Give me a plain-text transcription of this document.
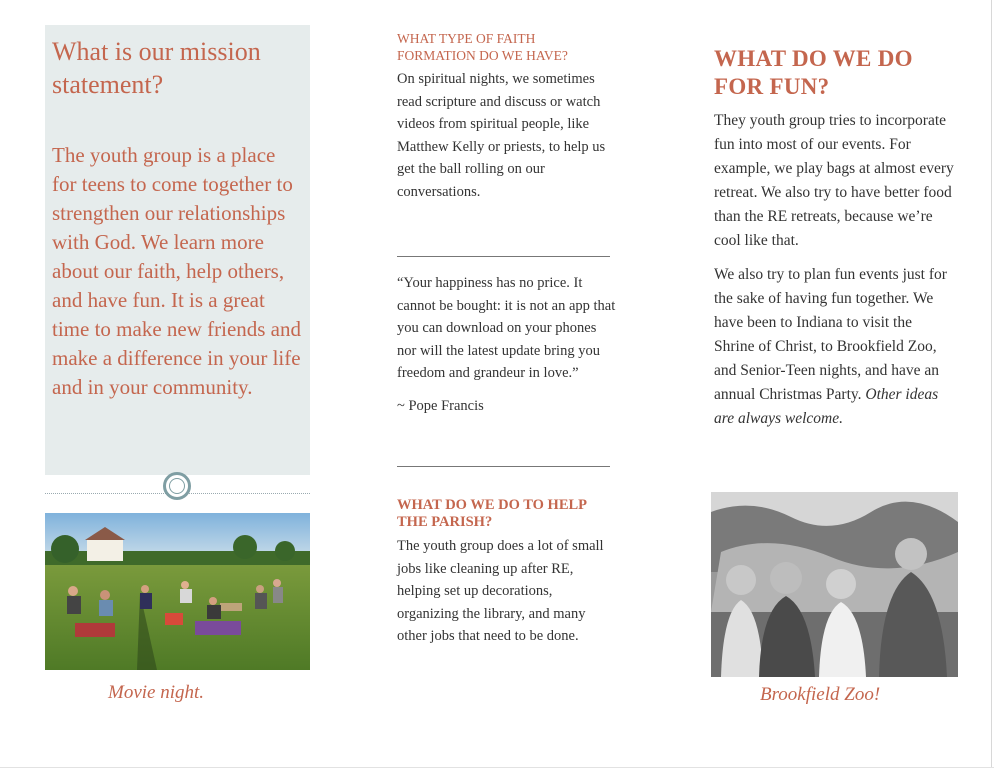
What is our mission statement?

The youth group is a place for teens to come together to strengthen our relationships with God. We learn more about our faith, help others, and have fun. It is a great time to make new friends and make a difference in your life and in your community.

Movie night.
WHAT TYPE OF FAITH FORMATION DO WE HAVE?

On spiritual nights, we sometimes read scripture and discuss or watch videos from spiritual people, like Matthew Kelly or priests, to help us get the ball rolling on our conversations.

“Your happiness has no price. It cannot be bought: it is not an app that you can download on your phones nor will the latest update bring you freedom and grandeur in love.”

~ Pope Francis

WHAT DO WE DO TO HELP THE PARISH?

The youth group does a lot of small jobs like cleaning up after RE, helping set up decorations, organizing the library, and many other jobs that need to be done.

WHAT DO WE DO FOR FUN?

They youth group tries to incorporate fun into most of our events. For example, we play bags at almost every retreat. We also try to have better food than the RE retreats, because we’re cool like that.

We also try to plan fun events just for the sake of having fun together. We have been to Indiana to visit the Shrine of Christ, to Brookfield Zoo, and Senior-Teen nights, and have an annual Christmas Party. Other ideas are always welcome.

Brookfield Zoo!
